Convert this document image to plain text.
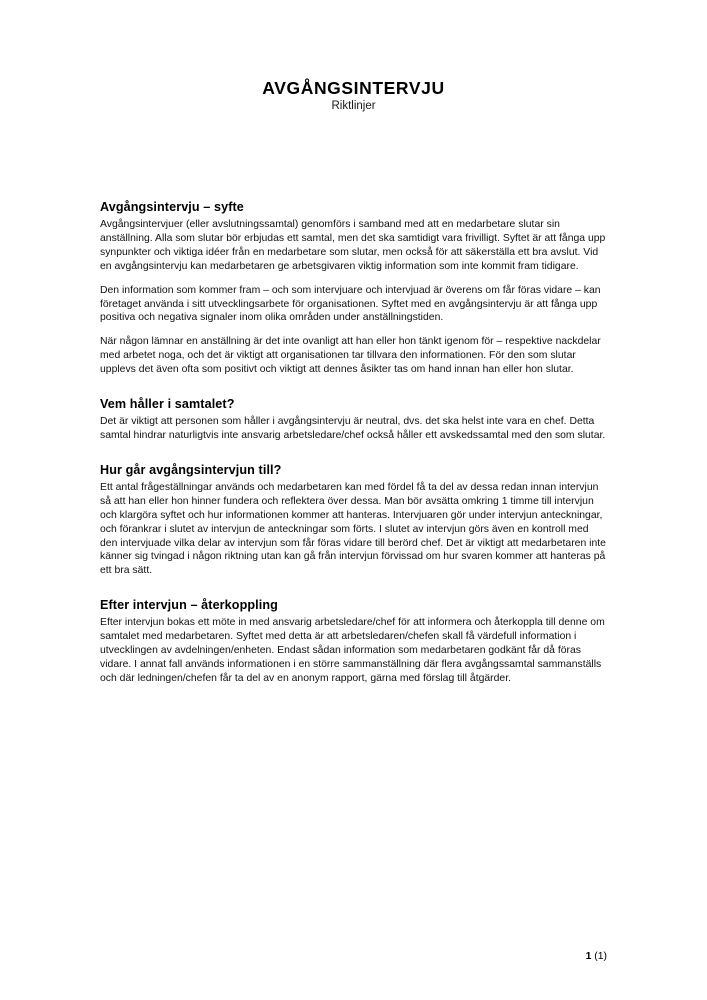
AVGÅNGSINTERVJU
Riktlinjer
Avgångsintervju – syfte

Avgångsintervjuer (eller avslutningssamtal) genomförs i samband med att en medarbetare slutar sin anställning. Alla som slutar bör erbjudas ett samtal, men det ska samtidigt vara frivilligt. Syftet är att fånga upp synpunkter och viktiga idéer från en medarbetare som slutar, men också för att säkerställa ett bra avslut. Vid en avgångsintervju kan medarbetaren ge arbetsgivaren viktig information som inte kommit fram tidigare.

Den information som kommer fram – och som intervjuare och intervjuad är överens om får föras vidare – kan företaget använda i sitt utvecklingsarbete för organisationen. Syftet med en avgångsintervju är att fånga upp positiva och negativa signaler inom olika områden under anställningstiden.

När någon lämnar en anställning är det inte ovanligt att han eller hon tänkt igenom för – respektive nackdelar med arbetet noga, och det är viktigt att organisationen tar tillvara den informationen. För den som slutar upplevs det även ofta som positivt och viktigt att dennes åsikter tas om hand innan han eller hon slutar.

Vem håller i samtalet?

Det är viktigt att personen som håller i avgångsintervju är neutral, dvs. det ska helst inte vara en chef. Detta samtal hindrar naturligtvis inte ansvarig arbetsledare/chef också håller ett avskedssamtal med den som slutar.

Hur går avgångsintervjun till?

Ett antal frågeställningar används och medarbetaren kan med fördel få ta del av dessa redan innan intervjun så att han eller hon hinner fundera och reflektera över dessa. Man bör avsätta omkring 1 timme till intervjun och klargöra syftet och hur informationen kommer att hanteras. Intervjuaren gör under intervjun anteckningar, och förankrar i slutet av intervjun de anteckningar som förts. I slutet av intervjun görs även en kontroll med den intervjuade vilka delar av intervjun som får föras vidare till berörd chef. Det är viktigt att medarbetaren inte känner sig tvingad i någon riktning utan kan gå från intervjun förvissad om hur svaren kommer att hanteras på ett bra sätt.

Efter intervjun – återkoppling

Efter intervjun bokas ett möte in med ansvarig arbetsledare/chef för att informera och återkoppla till denne om samtalet med medarbetaren. Syftet med detta är att arbetsledaren/chefen skall få värdefull information i utvecklingen av avdelningen/enheten. Endast sådan information som medarbetaren godkänt får då föras vidare. I annat fall används informationen i en större sammanställning där flera avgångssamtal sammanställs och där ledningen/chefen får ta del av en anonym rapport, gärna med förslag till åtgärder.

1 (1)
